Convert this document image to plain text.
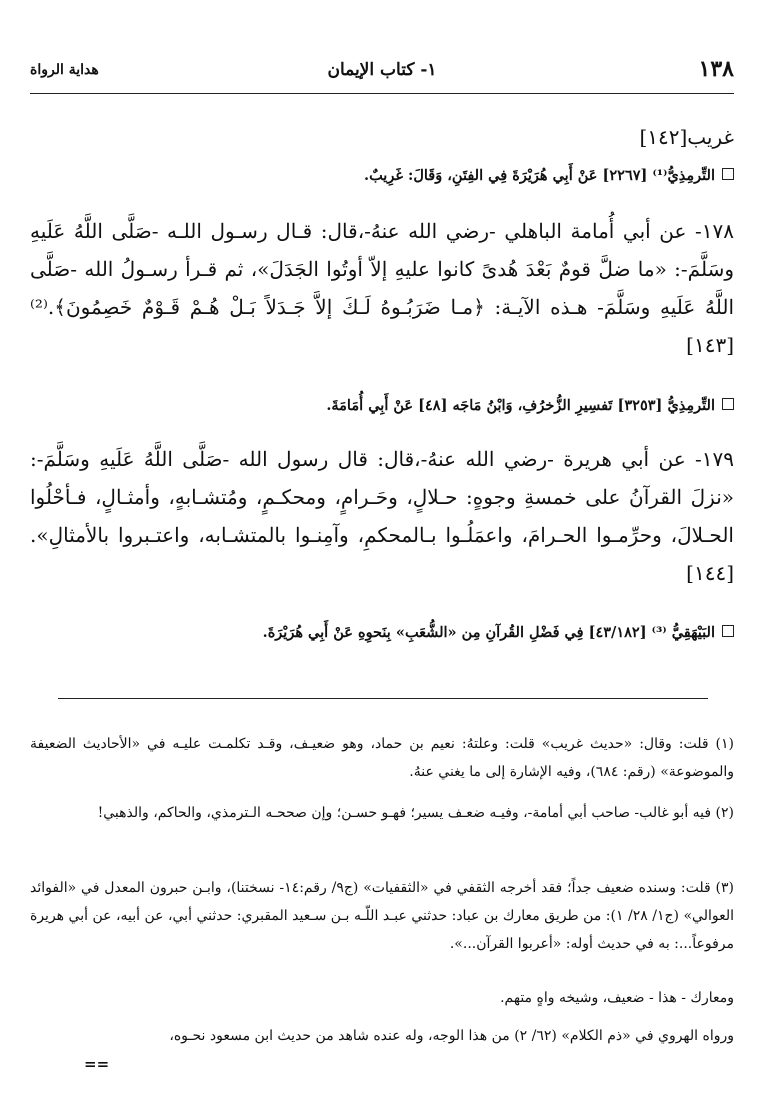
١٣٨
١- كتاب الإيمان
هداية الرواة
غريب[١٤٢]
التِّرمِذِيُّ⁽¹⁾ [٢٢٦٧] عَنْ أَبِي هُرَيْرَةَ فِي الفِتَنِ، وَقَالَ: غَرِيبٌ.
١٧٨- عن أبي أُمامة الباهلي -رضي الله عنهُ-،قال: قـال رسـول اللـه -صَلَّى اللَّهُ عَلَيهِ وسَلَّمَ-: «ما ضلَّ قومٌ بَعْدَ هُدىً كانوا عليهِ إلاّ أوتُوا الجَدَلَ»، ثم قـرأ رسـولُ الله -صَلَّى اللَّهُ عَلَيهِ وسَلَّمَ- هـذه الآيـة: ﴿مـا ضَرَبُـوهُ لَـكَ إلاَّ جَـدَلاً بَـلْ هُـمْ قَـوْمٌ خَصِمُونَ﴾.⁽²⁾ [١٤٣]
التِّرمِذِيُّ [٣٢٥٣] تَفسِيرِ الزُّخرُفِ، وَابْنُ مَاجَه [٤٨] عَنْ أَبِي أُمَامَةَ.
١٧٩- عن أبي هريرة -رضي الله عنهُ-،قال: قال رسول الله -صَلَّى اللَّهُ عَلَيهِ وسَلَّمَ-: «نزلَ القرآنُ على خمسةِ وجوهٍ: حـلالٍ، وحَـرامٍ، ومحكـمٍ، ومُتشـابهٍ، وأمثـالٍ، فـأحْلُوا الحـلالَ، وحرِّمـوا الحـرامَ، واعمَلُـوا بـالمحكمِ، وآمِنـوا بالمتشـابه، واعتـبروا بالأمثالِ».[١٤٤]
البَيْهَقِيُّ ⁽³⁾ [٤٣/١٨٢] فِي فَضْلِ القُرآنِ مِن «الشُّعَبِ» بِنَحوِهِ عَنْ أَبِي هُرَيْرَةَ.
(١) قلت: وقال: «حديث غريب» قلت: وعلتهُ: نعيم بن حماد، وهو ضعيـف، وقـد تكلمـت عليـه في «الأحاديث الضعيفة والموضوعة» (رقم: ٦٨٤)، وفيه الإشارة إلى ما يغني عنهُ.
(٢) فيه أبو غالب- صاحب أبي أمامة-، وفيـه ضعـف يسير؛ فهـو حسـن؛ وإن صححـه الـترمذي، والحاكم، والذهبي!
(٣) قلت: وسنده ضعيف جداً؛ فقد أخرجه الثقفي في «الثقفيات» (ج٩/ رقم:١٤- نسختنا)، وابـن حبرون المعدل في «الفوائد العوالي» (ج١/ ٢٨/ ١): من طريق معارك بن عباد: حدثني عبـد اللّـه بـن سـعيد المقبري: حدثني أبي، عن أبيه، عن أبي هريرة مرفوعاً...: به في حديث أوله: «أعربوا القرآن...».
ومعارك - هذا - ضعيف، وشيخه واهٍ متهم.
ورواه الهروي في «ذم الكلام» (٦٢/ ٢) من هذا الوجه، وله عنده شاهد من حديث ابن مسعود نحـوه،
==
